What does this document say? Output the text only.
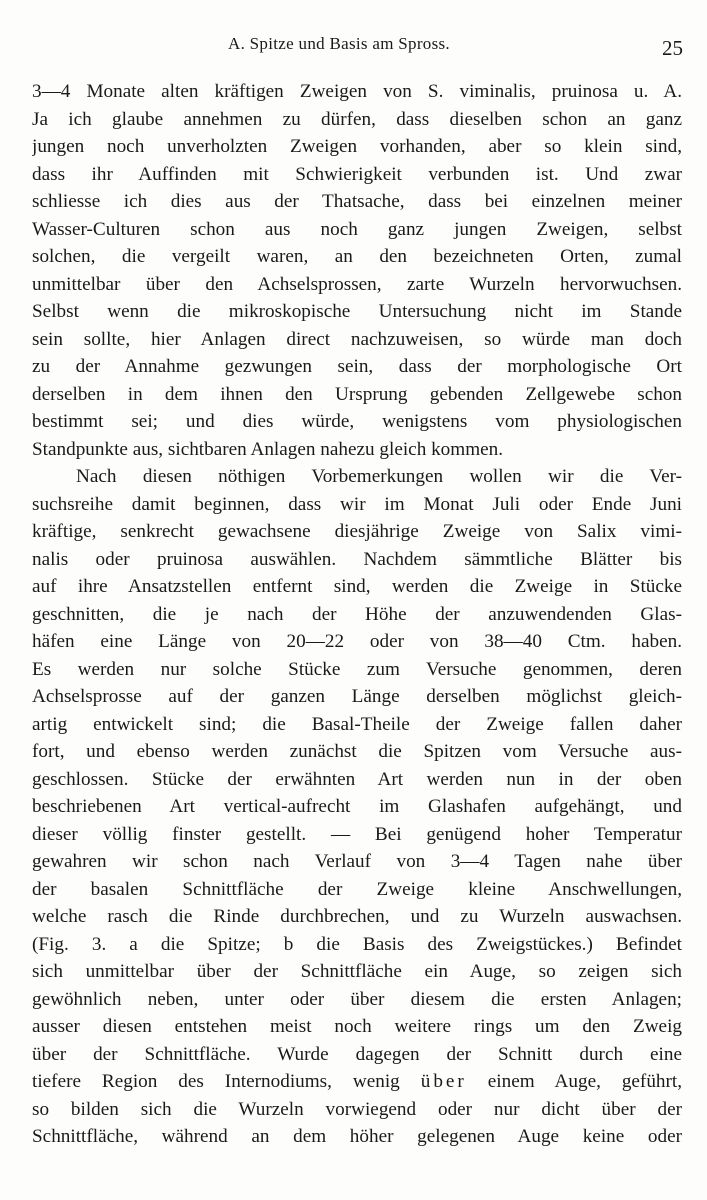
A. Spitze und Basis am Spross.	25
3—4 Monate alten kräftigen Zweigen von S. viminalis, pruinosa u. A.
Ja ich glaube annehmen zu dürfen, dass dieselben schon an ganz
jungen noch unverholzten Zweigen vorhanden, aber so klein sind,
dass ihr Auffinden mit Schwierigkeit verbunden ist. Und zwar
schliesse ich dies aus der Thatsache, dass bei einzelnen meiner
Wasser-Culturen schon aus noch ganz jungen Zweigen, selbst
solchen, die vergeilt waren, an den bezeichneten Orten, zumal
unmittelbar über den Achselsprossen, zarte Wurzeln hervorwuchsen.
Selbst wenn die mikroskopische Untersuchung nicht im Stande
sein sollte, hier Anlagen direct nachzuweisen, so würde man doch
zu der Annahme gezwungen sein, dass der morphologische Ort
derselben in dem ihnen den Ursprung gebenden Zellgewebe schon
bestimmt sei; und dies würde, wenigstens vom physiologischen
Standpunkte aus, sichtbaren Anlagen nahezu gleich kommen.
Nach diesen nöthigen Vorbemerkungen wollen wir die Ver-
suchsreihe damit beginnen, dass wir im Monat Juli oder Ende Juni
kräftige, senkrecht gewachsene diesjährige Zweige von Salix vimi-
nalis oder pruinosa auswählen. Nachdem sämmtliche Blätter bis
auf ihre Ansatzstellen entfernt sind, werden die Zweige in Stücke
geschnitten, die je nach der Höhe der anzuwendenden Glas-
häfen eine Länge von 20—22 oder von 38—40 Ctm. haben.
Es werden nur solche Stücke zum Versuche genommen, deren
Achselsprosse auf der ganzen Länge derselben möglichst gleich-
artig entwickelt sind; die Basal-Theile der Zweige fallen daher
fort, und ebenso werden zunächst die Spitzen vom Versuche aus-
geschlossen. Stücke der erwähnten Art werden nun in der oben
beschriebenen Art vertical-aufrecht im Glashafen aufgehängt, und
dieser völlig finster gestellt. — Bei genügend hoher Temperatur
gewahren wir schon nach Verlauf von 3—4 Tagen nahe über
der basalen Schnittfläche der Zweige kleine Anschwellungen,
welche rasch die Rinde durchbrechen, und zu Wurzeln auswachsen.
(Fig. 3. a die Spitze; b die Basis des Zweigstückes.) Befindet
sich unmittelbar über der Schnittfläche ein Auge, so zeigen sich
gewöhnlich neben, unter oder über diesem die ersten Anlagen;
ausser diesen entstehen meist noch weitere rings um den Zweig
über der Schnittfläche. Wurde dagegen der Schnitt durch eine
tiefere Region des Internodiums, wenig über einem Auge, geführt,
so bilden sich die Wurzeln vorwiegend oder nur dicht über der
Schnittfläche, während an dem höher gelegenen Auge keine oder
